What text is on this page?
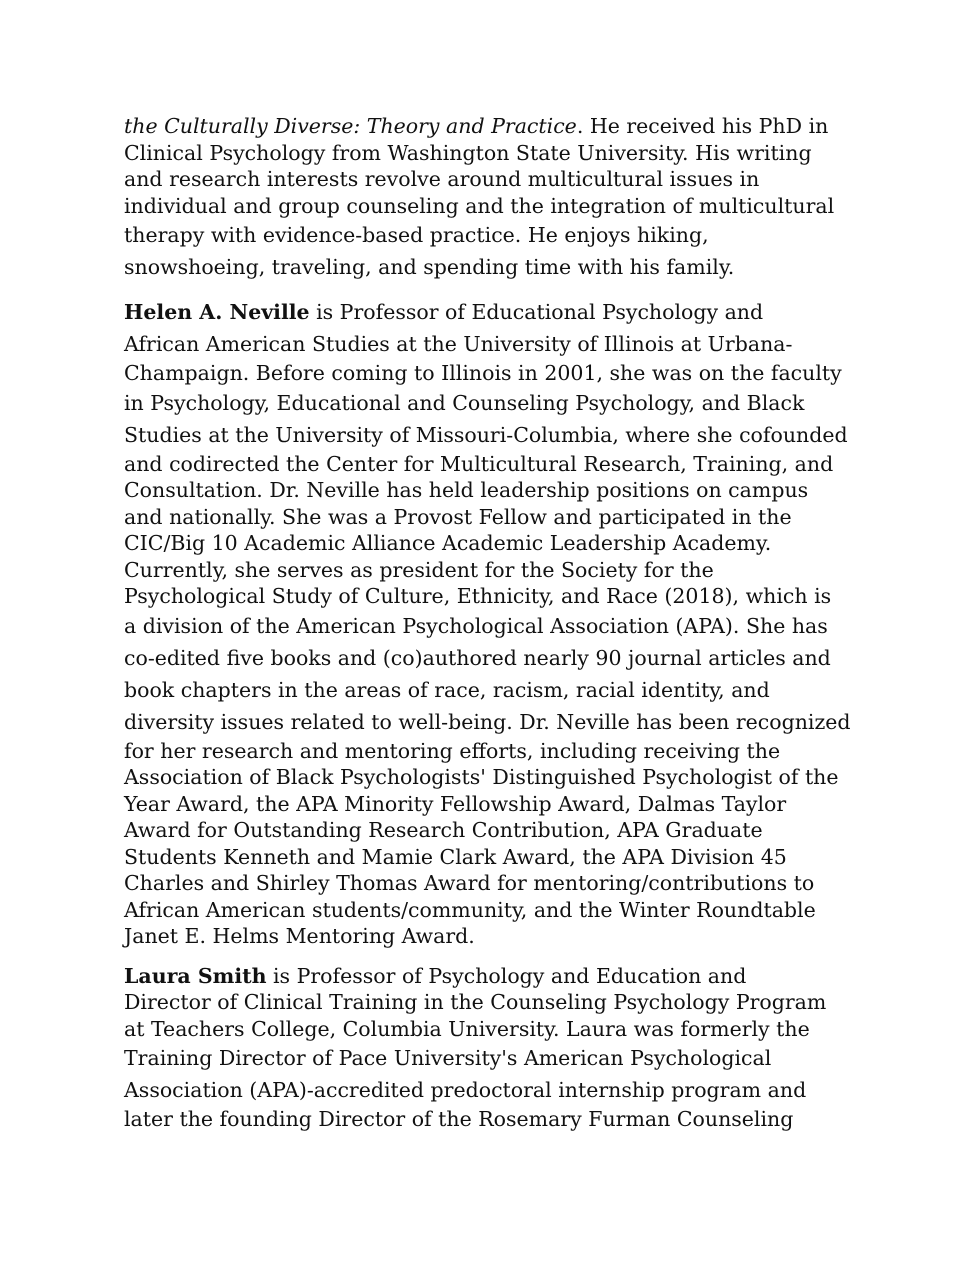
the Culturally Diverse: Theory and Practice. He received his PhD in
Clinical Psychology from Washington State University. His writing
and research interests revolve around multicultural issues in
individual and group counseling and the integration of multicultural
therapy with evidence-based practice. He enjoys hiking,
snowshoeing, traveling, and spending time with his family.
Helen A. Neville is Professor of Educational Psychology and
African American Studies at the University of Illinois at Urbana-
Champaign. Before coming to Illinois in 2001, she was on the faculty
in Psychology, Educational and Counseling Psychology, and Black
Studies at the University of Missouri-Columbia, where she cofounded
and codirected the Center for Multicultural Research, Training, and
Consultation. Dr. Neville has held leadership positions on campus
and nationally. She was a Provost Fellow and participated in the
CIC/Big 10 Academic Alliance Academic Leadership Academy.
Currently, she serves as president for the Society for the
Psychological Study of Culture, Ethnicity, and Race (2018), which is
a division of the American Psychological Association (APA). She has
co-edited five books and (co)authored nearly 90 journal articles and
book chapters in the areas of race, racism, racial identity, and
diversity issues related to well-being. Dr. Neville has been recognized
for her research and mentoring efforts, including receiving the
Association of Black Psychologists' Distinguished Psychologist of the
Year Award, the APA Minority Fellowship Award, Dalmas Taylor
Award for Outstanding Research Contribution, APA Graduate
Students Kenneth and Mamie Clark Award, the APA Division 45
Charles and Shirley Thomas Award for mentoring/contributions to
African American students/community, and the Winter Roundtable
Janet E. Helms Mentoring Award.
Laura Smith is Professor of Psychology and Education and
Director of Clinical Training in the Counseling Psychology Program
at Teachers College, Columbia University. Laura was formerly the
Training Director of Pace University's American Psychological
Association (APA)-accredited predoctoral internship program and
later the founding Director of the Rosemary Furman Counseling
